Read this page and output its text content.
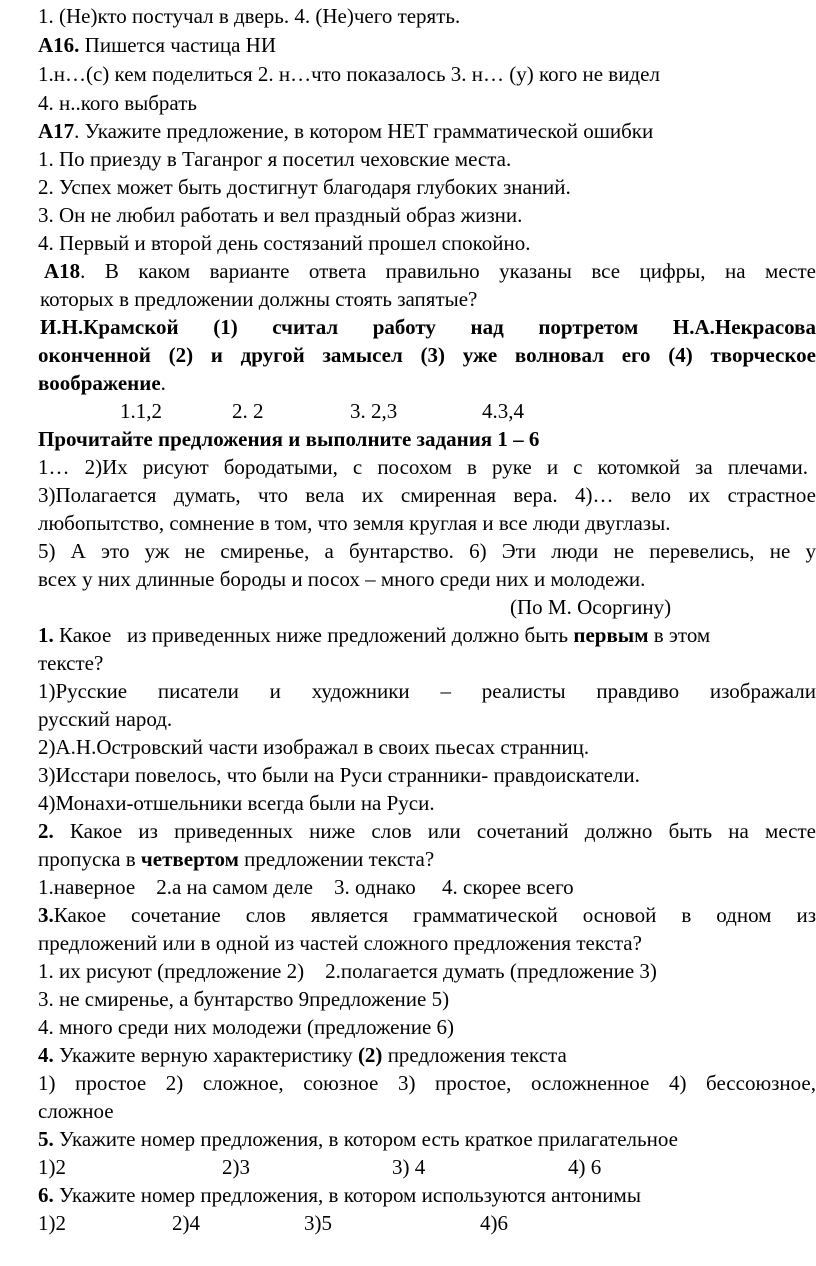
1. (Не)кто постучал в дверь. 4. (Не)чего терять.
А16. Пишется частица НИ
1.н…(с) кем поделиться 2. н…что показалось 3. н… (у) кого не видел
4. н..кого выбрать
А17. Укажите предложение, в котором НЕТ грамматической ошибки
1. По приезду в Таганрог я посетил чеховские места.
2. Успех может быть достигнут благодаря глубоких знаний.
3. Он не любил работать и вел праздный образ жизни.
4. Первый и второй день состязаний прошел спокойно.
А18. В каком варианте ответа правильно указаны все цифры, на месте
которых в предложении должны стоять запятые?
И.Н.Крамской (1) считал работу над портретом Н.А.Некрасова
оконченной (2) и другой замысел (3) уже волновал его (4) творческое
воображение.
1.1,2	2. 2	3. 2,3	4.3,4
Прочитайте предложения и выполните задания 1 – 6
1… 2)Их рисуют бородатыми, с посохом в руке и с котомкой за плечами.
3)Полагается думать, что вела их смиренная вера. 4)… вело их страстное
любопытство, сомнение в том, что земля круглая и все люди двуглазы.
5) А это уж не смиренье, а бунтарство. 6) Эти люди не перевелись, не у
всех у них длинные бороды и посох – много среди них и молодежи.
(По М. Осоргину)
1. Какое   из приведенных ниже предложений должно быть первым в этом
тексте?
1)Русские писатели и художники – реалисты правдиво изображали
русский народ.
2)А.Н.Островский части изображал в своих пьесах странниц.
3)Исстари повелось, что были на Руси странники- правдоискатели.
4)Монахи-отшельники всегда были на Руси.
2. Какое из приведенных ниже слов или сочетаний должно быть на месте
пропуска в четвертом предложении текста?
1.наверное    2.а на самом деле    3. однако     4. скорее всего
3.Какое сочетание слов является грамматической основой в одном из
предложений или в одной из частей сложного предложения текста?
1. их рисуют (предложение 2)    2.полагается думать (предложение 3)
3. не смиренье, а бунтарство 9предложение 5)
4. много среди них молодежи (предложение 6)
4. Укажите верную характеристику (2) предложения текста
1) простое 2) сложное, союзное 3) простое, осложненное 4) бессоюзное,
сложное
5. Укажите номер предложения, в котором есть краткое прилагательное
1)2	2)3	3) 4	4) 6
6. Укажите номер предложения, в котором используются антонимы
1)2	2)4	3)5	4)6
